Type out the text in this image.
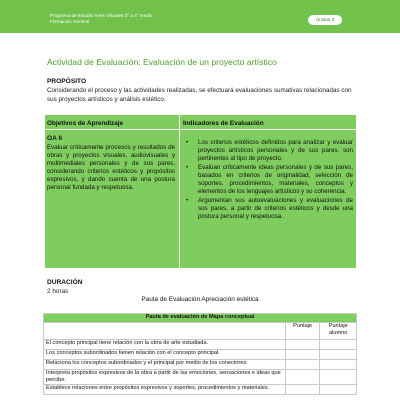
Programa de Estudio Artes Visuales 3° a 4° medio
Formación General	Unidad 3
Actividad de Evaluación: Evaluación de un proyecto artístico
PROPÓSITO
Considerando el proceso y las actividades realizadas, se efectuará evaluaciones sumativas relacionadas con sus proyectos artísticos y análisis estético.
Objetivos de Aprendizaje	Indicadores de Evaluación
OA 6
Evaluar críticamente procesos y resultados de obras y proyectos visuales, audiovisuales y multimediales personales y de sus pares, considerando criterios estéticos y propósitos expresivos, y dando cuenta de una postura personal fundada y respetuosa.
• Los criterios estéticos definidos para analizar y evaluar proyectos artísticos personales y de sus pares, son pertinentes al tipo de proyecto.
• Evalúan críticamente ideas personales y de sus pares, basados en criterios de originalidad, selección de soportes, procedimientos, materiales, conceptos y elementos de los lenguajes artísticos y su coherencia.
• Argumentan sus autoevaluaciones y evaluaciones de sus pares, a partir de criterios estéticos y desde una postura personal y respetuosa.
DURACIÓN
2 horas
Pauta de Evaluación Apreciación estética
Pauta de evaluación de Mapa conceptual		
	Puntaje	Puntaje alumno
El concepto principal tiene relación con la obra de arte estudiada.		
Los conceptos subordinados tienen relación con el concepto principal.		
Relaciona los conceptos subordinados y el principal por medio de los conectores.		
Interpreta propósitos expresivos de la obra a partir de las emociones, sensaciones e ideas que percibe.		
Establece relaciones entre propósitos expresivos y soportes, procedimientos y materiales.		
